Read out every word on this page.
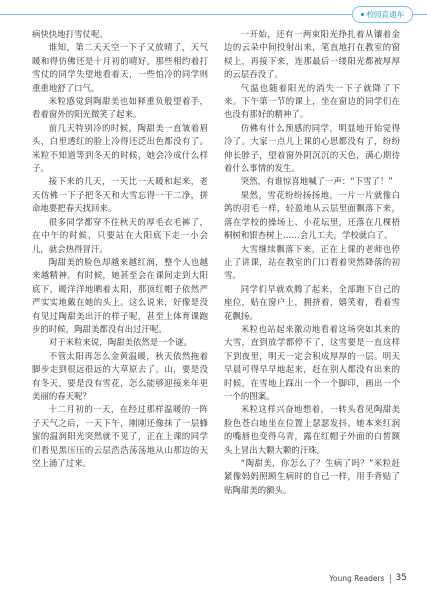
校园直通车

病快快地打雪仗呢。

谁知，第二天天空一下子又放晴了，天气暖和得仿佛还是十月初的晴好。那些相约着打雪仗的同学失望地看着天，一些怕冷的同学则重重地舒了口气。

米粒感觉到陶甜美也如释重负般望着手，看着窗外的阳光微笑了起来。

前几天特别冷的时候，陶甜美一直皱着眉头，白里透红的脸上冷得还泛出色都没有了。米粒不知道等到冬天的时候，她会冷成什么样子。

接下来的几天，一天比一天暖和起来，老天仿佛一下子把冬天和大雪忘得一干二净，拼命地要把春天找回来。

很多同学都穿不住秋天的厚毛衣毛裤了，在中午的时候，只要站在大阳底下走一小会儿，就会热得冒汗。

陶甜美的脸色却越来越红润，整个人也越来越精神。有时候，她甚至会在课间走到大阳底下，暖洋洋地晒着太阳，那顶红帽子依然严严实实地戴在她的头上。这么说来，好像是没有见过陶甜美出汗的样子呢，甚至上体育课跑步的时候，陶甜美都没有出过汗呢。

对于米粒来说，陶甜美依然是一个谜。

不管太阳再怎么金黄温暖，秋天依然拖着脚步走到很远很远的大草原去了。山，要是没有冬天，要是没有雪花，怎么能够迎接来年更美丽的春天呢？

十二月初的一天，在经过那样温暖的一阵子天气之后，一天下午，刚刚还像抹了一层蜂蜜的温润阳光突然就不见了，正在上课的同学们看见黑压压的云层浩浩荡荡地从山那边的天空上涌了过来。

一开始，还有一两束阳光挣扎着从镶着金边的云朵中间投射出来，笔直地打在教室的窗棂上，再接下来，连那最后一缕阳光都被厚厚的云层吞没了。

气温也随着阳光的消失一下子就降了下来。下午第一节的课上，坐在窗边的同学们在也没有那好的精神了。

仿佛有什么预感的同学，明显地开始觉得冷了。大家一点儿上课的心思都没有了，纷纷伸长脖子，望着窗外阴沉沉的天色，满心期待着什么事情的发生。

突然，有谁惊喜地喊了一声：“下雪了！”

果然，雪花纷纷扬扬地，一片一片就像白鸽的羽毛一样，轻盈地从云层里面飘落下来，落在学校的操场上、小花坛里，还落在几棵梧桐树和银杏树上……会儿工夫，学校就白了。

大雪继续飘落下来，正在上课的老师也停止了讲课，站在教室的门口看着突然降落的初雪。

同学们早就欢腾了起来，全部跑下自己的座位，贴在窗户上，拥挤着，嬉笑着，看着雪花飘扬。

米粒也站起来激动地看着这场突如其来的大雪，直到放学都停不了，这雪要是一直这样下到夜里，明天一定会积成厚厚的一层。明天早晨可得早早地起来，赶在别人都没有出来的时候，在雪地上踩出一个一个脚印，画出一个一个的图案。

米粒这样兴奋地想着，一转头看见陶甜美脸色苍白地坐在位置上瑟瑟发抖。她本来红润的嘴唇也变得乌青，露在红帽子外面的白皙额头上冒出大颗大颗的汗珠。

“陶甜美，你怎么了？生病了吗？”米粒赶紧像妈妈照顾生病时的自己一样，用手背贴了贴陶甜美的额头。

Young Readers 35
